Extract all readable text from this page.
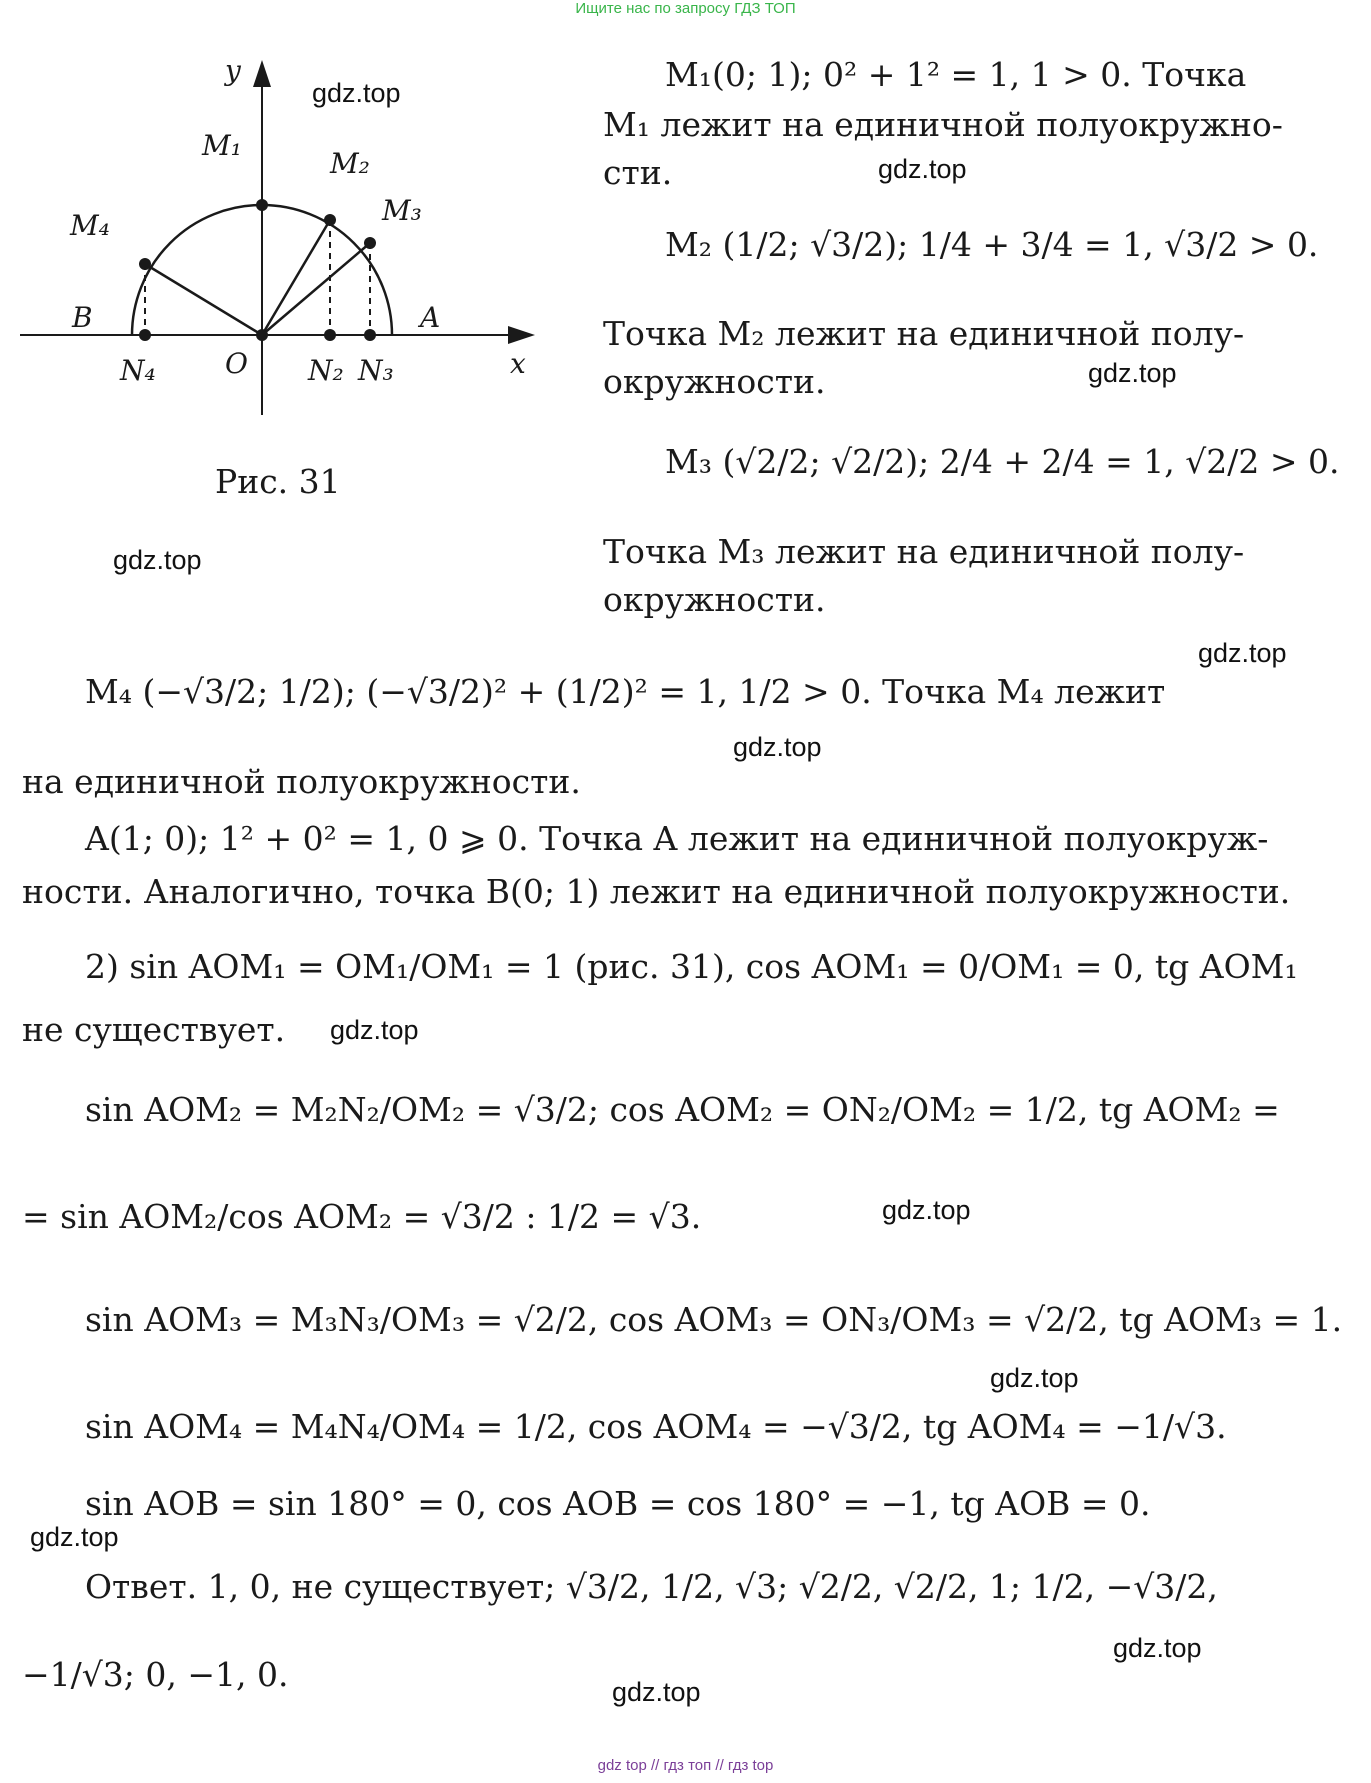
Ищите нас по запросу ГДЗ ТОП
y
x
M₁
M₂
M₃
M₄
B	A
O
N₄	N₂ N₃
Рис. 31
gdz.top
gdz.top
gdz.top
gdz.top
gdz.top
gdz.top
gdz.top
gdz.top
gdz.top
gdz.top
gdz.top
gdz.top
M₁(0; 1); 0² + 1² = 1, 1 > 0. Точка
M₁ лежит на единичной полуокружно-
сти.
M₂ (1/2; √3/2); 1/4 + 3/4 = 1, √3/2 > 0.
Точка M₂ лежит на единичной полу-
окружности.
M₃ (√2/2; √2/2); 2/4 + 2/4 = 1, √2/2 > 0.
Точка M₃ лежит на единичной полу-
окружности.
M₄ (−√3/2; 1/2); (−√3/2)² + (1/2)² = 1, 1/2 > 0. Точка M₄ лежит
на единичной полуокружности.
A(1; 0); 1² + 0² = 1, 0 ⩾ 0. Точка A лежит на единичной полуокруж-
ности. Аналогично, точка B(0; 1) лежит на единичной полуокружности.
2) sin AOM₁ = OM₁/OM₁ = 1 (рис. 31), cos AOM₁ = 0/OM₁ = 0, tg AOM₁
не существует.
sin AOM₂ = M₂N₂/OM₂ = √3/2; cos AOM₂ = ON₂/OM₂ = 1/2, tg AOM₂ =
= sin AOM₂/cos AOM₂ = √3/2 : 1/2 = √3.
sin AOM₃ = M₃N₃/OM₃ = √2/2, cos AOM₃ = ON₃/OM₃ = √2/2, tg AOM₃ = 1.
sin AOM₄ = M₄N₄/OM₄ = 1/2, cos AOM₄ = −√3/2, tg AOM₄ = −1/√3.
sin AOB = sin 180° = 0, cos AOB = cos 180° = −1, tg AOB = 0.
Ответ. 1, 0, не существует; √3/2, 1/2, √3; √2/2, √2/2, 1; 1/2, −√3/2,
−1/√3; 0, −1, 0.
gdz top // гдз топ // гдз top
